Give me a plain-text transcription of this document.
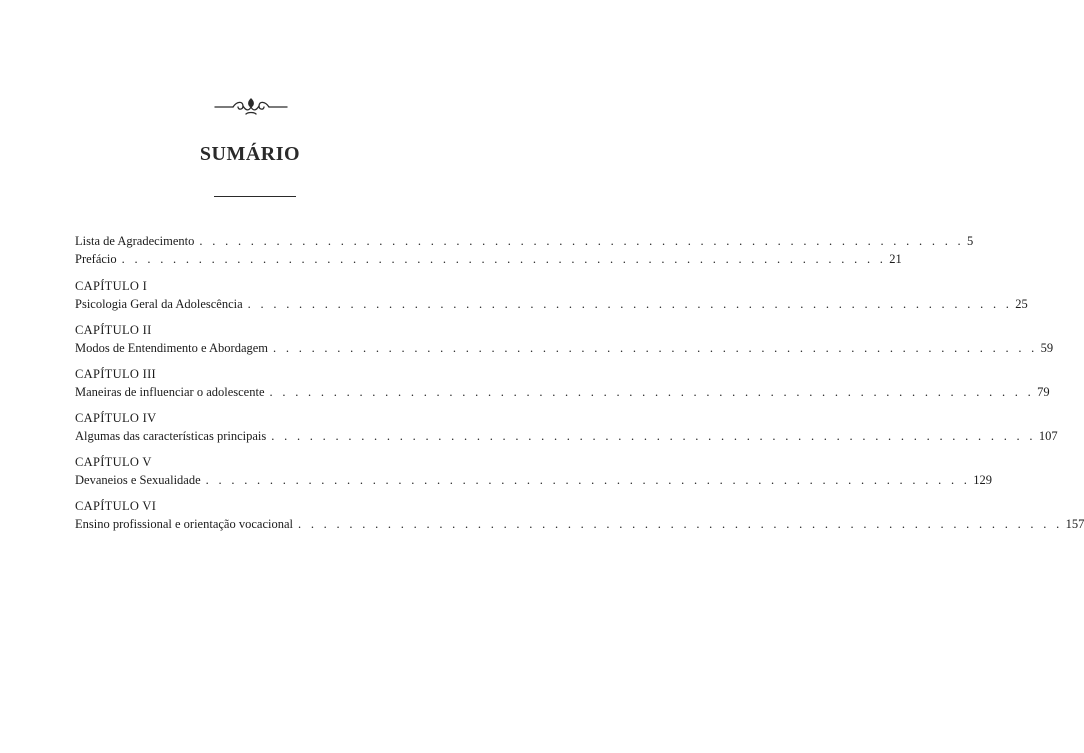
SUMÁRIO
Lista de Agradecimento . . . . . . . . . . . . . . . . . . . . . . . . . . . . . . . . . . . . . . . . . . . . . . . . . . . . . . . . . . . . 5
Prefácio . . . . . . . . . . . . . . . . . . . . . . . . . . . . . . . . . . . . . . . . . . . . . . . . . . . . . . . . . . . . 21
CAPÍTULO I
Psicologia Geral da Adolescência . . . . . . . . . . . . . . . . . . . . . . . . . . . . . . . . . . . . . . . . . . . . . . . . . . . . . . . . . . . . 25
CAPÍTULO II
Modos de Entendimento e Abordagem . . . . . . . . . . . . . . . . . . . . . . . . . . . . . . . . . . . . . . . . . . . . . . . . . . . . . . . . . . . . 59
CAPÍTULO III
Maneiras de influenciar o adolescente . . . . . . . . . . . . . . . . . . . . . . . . . . . . . . . . . . . . . . . . . . . . . . . . . . . . . . . . . . . . 79
CAPÍTULO IV
Algumas das características principais . . . . . . . . . . . . . . . . . . . . . . . . . . . . . . . . . . . . . . . . . . . . . . . . . . . . . . . . . . . . 107
CAPÍTULO V
Devaneios e Sexualidade . . . . . . . . . . . . . . . . . . . . . . . . . . . . . . . . . . . . . . . . . . . . . . . . . . . . . . . . . . . . 129
CAPÍTULO VI
Ensino profissional e orientação vocacional . . . . . . . . . . . . . . . . . . . . . . . . . . . . . . . . . . . . . . . . . . . . . . . . . . . . . . . . . . . . 157
